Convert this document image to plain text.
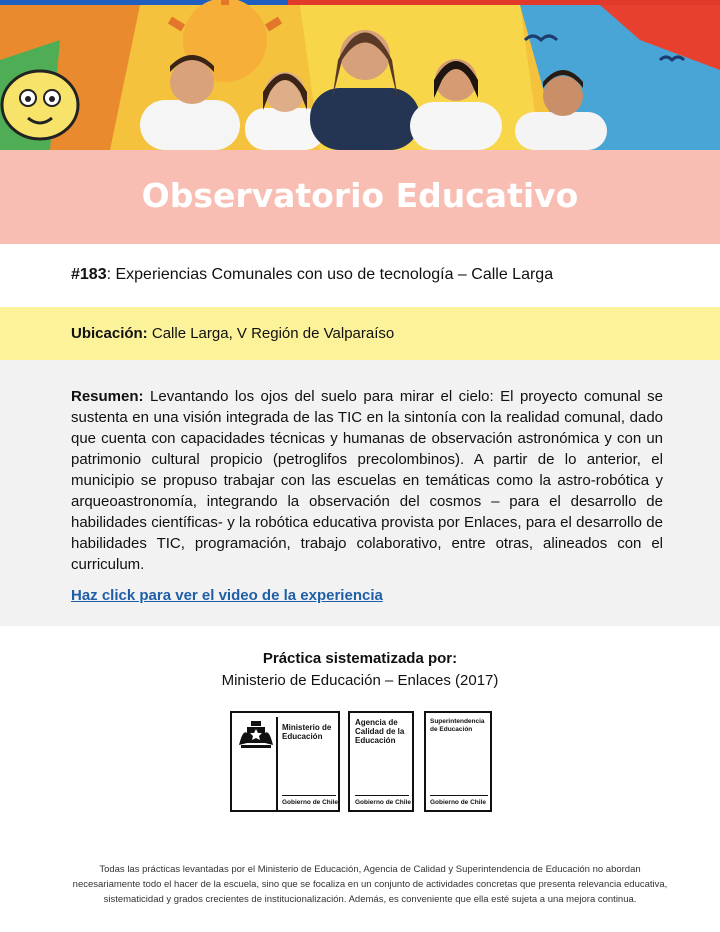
Observatorio Educativo
#183: Experiencias Comunales con uso de tecnología – Calle Larga
Ubicación: Calle Larga, V Región de Valparaíso

Resumen: Levantando los ojos del suelo para mirar el cielo: El proyecto comunal se sustenta en una visión integrada de las TIC en la sintonía con la realidad comunal, dado que cuenta con capacidades técnicas y humanas de observación astronómica y con un patrimonio cultural propicio (petroglifos precolombinos). A partir de lo anterior, el municipio se propuso trabajar con las escuelas en temáticas como la astro-robótica y arqueoastronomía, integrando la observación del cosmos – para el desarrollo de habilidades científicas- y la robótica educativa provista por Enlaces, para el desarrollo de habilidades TIC, programación, trabajo colaborativo, entre otras, alineados con el curriculum.

Haz click para ver el video de la experiencia
Práctica sistematizada por:
Ministerio de Educación – Enlaces (2017)
Ministerio de Educación
Gobierno de Chile
Agencia de Calidad de la Educación
Gobierno de Chile
Superintendencia de Educación
Gobierno de Chile

Todas las prácticas levantadas por el Ministerio de Educación, Agencia de Calidad y Superintendencia de Educación no abordan necesariamente todo el hacer de la escuela, sino que se focaliza en un conjunto de actividades concretas que presenta relevancia educativa, sistematicidad y grados crecientes de institucionalización. Además, es conveniente que ella esté sujeta a una mejora continua.
